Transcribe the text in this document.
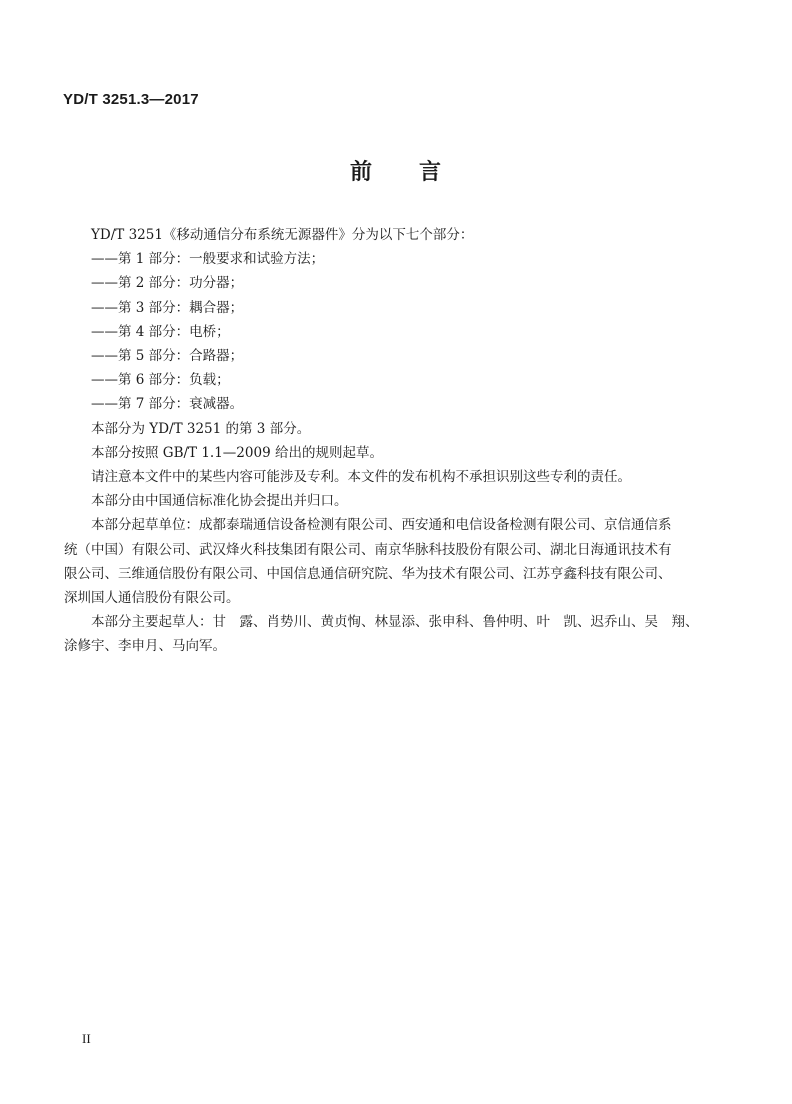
YD/T 3251.3—2017
前 言
YD/T 3251《移动通信分布系统无源器件》分为以下七个部分：
——第 1 部分：一般要求和试验方法；
——第 2 部分：功分器；
——第 3 部分：耦合器；
——第 4 部分：电桥；
——第 5 部分：合路器；
——第 6 部分：负载；
——第 7 部分：衰减器。
本部分为 YD/T 3251 的第 3 部分。
本部分按照 GB/T 1.1—2009 给出的规则起草。
请注意本文件中的某些内容可能涉及专利。本文件的发布机构不承担识别这些专利的责任。
本部分由中国通信标准化协会提出并归口。
本部分起草单位：成都泰瑞通信设备检测有限公司、西安通和电信设备检测有限公司、京信通信系
统（中国）有限公司、武汉烽火科技集团有限公司、南京华脉科技股份有限公司、湖北日海通讯技术有
限公司、三维通信股份有限公司、中国信息通信研究院、华为技术有限公司、江苏亨鑫科技有限公司、
深圳国人通信股份有限公司。
本部分主要起草人：甘　露、肖势川、黄贞恂、林显添、张申科、鲁仲明、叶　凯、迟乔山、吴　翔、
涂修宇、李申月、马向军。
II
